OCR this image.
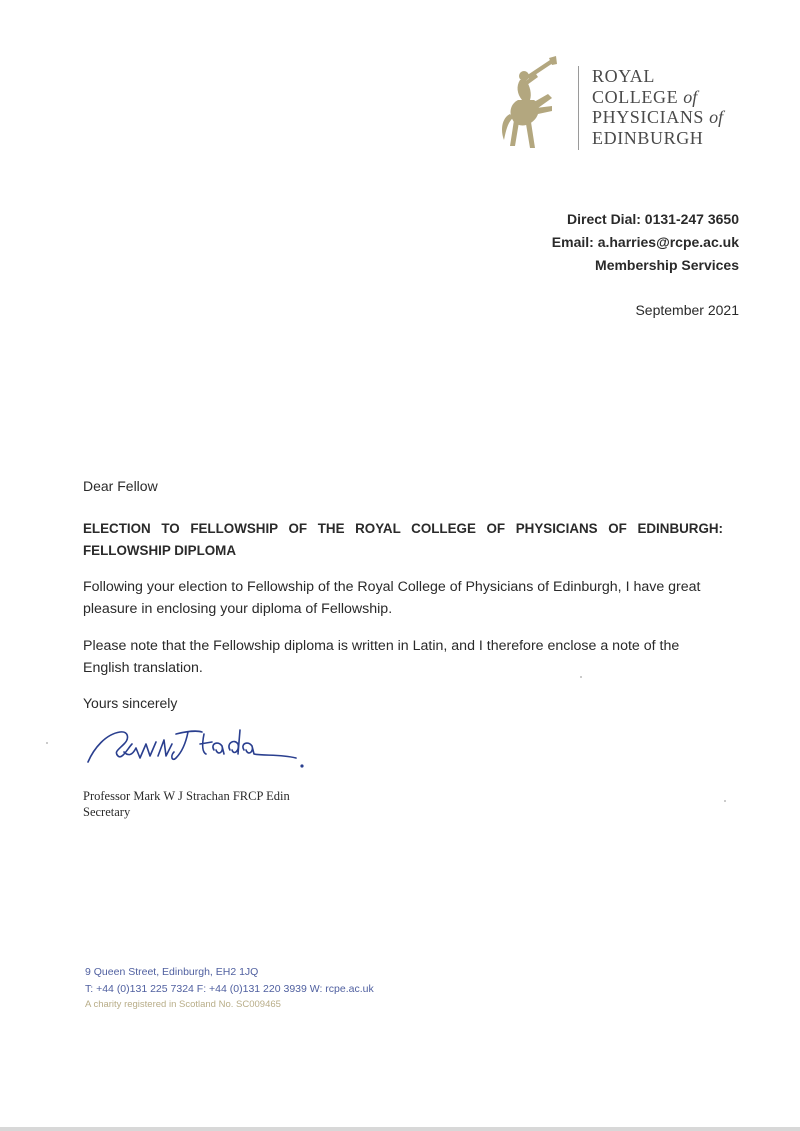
ROYAL
COLLEGE of
PHYSICIANS of
EDINBURGH
Direct Dial: 0131-247 3650
Email: a.harries@rcpe.ac.uk
Membership Services
September 2021
Dear Fellow
ELECTION TO FELLOWSHIP OF THE ROYAL COLLEGE OF PHYSICIANS OF EDINBURGH: FELLOWSHIP DIPLOMA
Following your election to Fellowship of the Royal College of Physicians of Edinburgh, I have great pleasure in enclosing your diploma of Fellowship.
Please note that the Fellowship diploma is written in Latin, and I therefore enclose a note of the English translation.
Yours sincerely
Professor Mark W J Strachan FRCP Edin
Secretary
9 Queen Street, Edinburgh, EH2 1JQ
T: +44 (0)131 225 7324 F: +44 (0)131 220 3939 W: rcpe.ac.uk
A charity registered in Scotland No. SC009465
